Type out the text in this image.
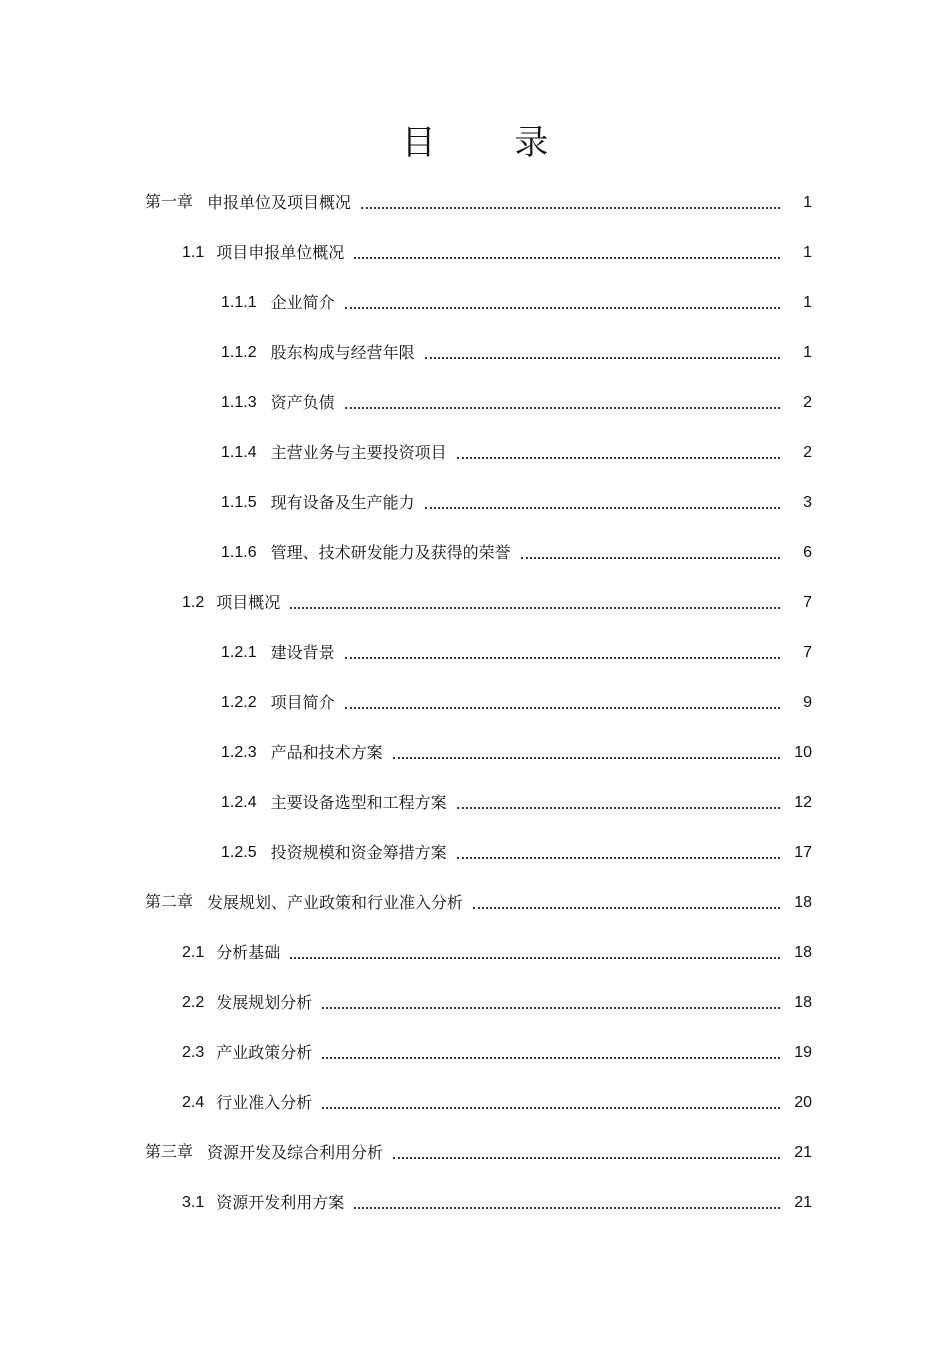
目 录
第一章 申报单位及项目概况	1
1.1 项目申报单位概况	1
1.1.1 企业简介	1
1.1.2 股东构成与经营年限	1
1.1.3 资产负债	2
1.1.4 主营业务与主要投资项目	2
1.1.5 现有设备及生产能力	3
1.1.6 管理、技术研发能力及获得的荣誉	6
1.2 项目概况	7
1.2.1 建设背景	7
1.2.2 项目简介	9
1.2.3 产品和技术方案	10
1.2.4 主要设备选型和工程方案	12
1.2.5 投资规模和资金筹措方案	17
第二章 发展规划、产业政策和行业准入分析	18
2.1 分析基础	18
2.2 发展规划分析	18
2.3 产业政策分析	19
2.4 行业准入分析	20
第三章 资源开发及综合利用分析	21
3.1 资源开发利用方案	21
